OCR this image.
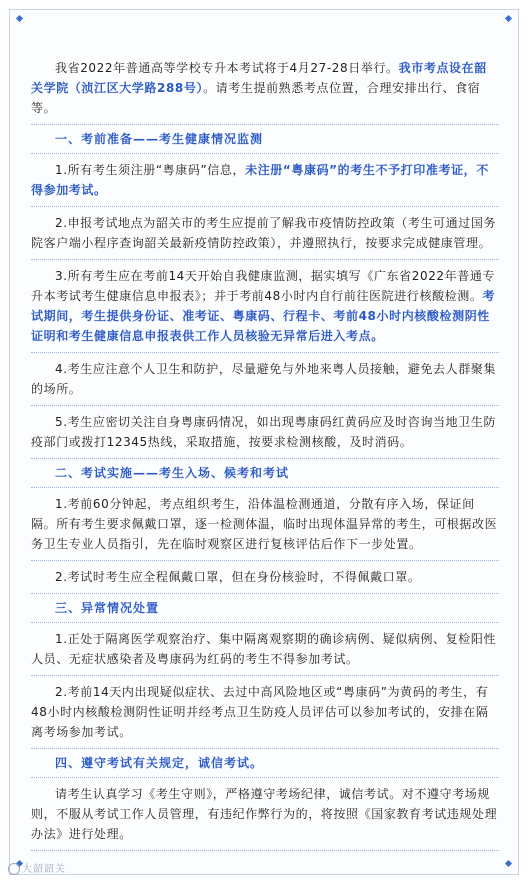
我省2022年普通高等学校专升本考试将于4月27-28日举行。我市考点设在韶关学院（浈江区大学路288号）。请考生提前熟悉考点位置，合理安排出行、食宿等。

一、考前准备——考生健康情况监测

1.所有考生须注册“粤康码”信息，未注册“粤康码”的考生不予打印准考证，不得参加考试。

2.申报考试地点为韶关市的考生应提前了解我市疫情防控政策（考生可通过国务院客户端小程序查询韶关最新疫情防控政策），并遵照执行，按要求完成健康管理。

3.所有考生应在考前14天开始自我健康监测，据实填写《广东省2022年普通专升本考试考生健康信息申报表》；并于考前48小时内自行前往医院进行核酸检测。考试期间，考生提供身份证、准考证、粤康码、行程卡、考前48小时内核酸检测阴性证明和考生健康信息申报表供工作人员核验无异常后进入考点。

4.考生应注意个人卫生和防护，尽量避免与外地来粤人员接触，避免去人群聚集的场所。

5.考生应密切关注自身粤康码情况，如出现粤康码红黄码应及时咨询当地卫生防疫部门或拨打12345热线，采取措施，按要求检测核酸，及时消码。

二、考试实施——考生入场、候考和考试

1.考前60分钟起，考点组织考生，沿体温检测通道，分散有序入场，保证间隔。所有考生要求佩戴口罩，逐一检测体温，临时出现体温异常的考生，可根据改医务卫生专业人员指引，先在临时观察区进行复核评估后作下一步处置。

2.考试时考生应全程佩戴口罩，但在身份核验时，不得佩戴口罩。

三、异常情况处置

1.正处于隔离医学观察治疗、集中隔离观察期的确诊病例、疑似病例、复检阳性人员、无症状感染者及粤康码为红码的考生不得参加考试。

2.考前14天内出现疑似症状、去过中高风险地区或“粤康码”为黄码的考生，有48小时内核酸检测阴性证明并经考点卫生防疫人员评估可以参加考试的，安排在隔离考场参加考试。

四、遵守考试有关规定，诚信考试。

请考生认真学习《考生守则》，严格遵守考场纪律，诚信考试。对不遵守考场规则，不服从考试工作人员管理，有违纪作弊行为的，将按照《国家教育考试违规处理办法》进行处理。

大韶韶关
